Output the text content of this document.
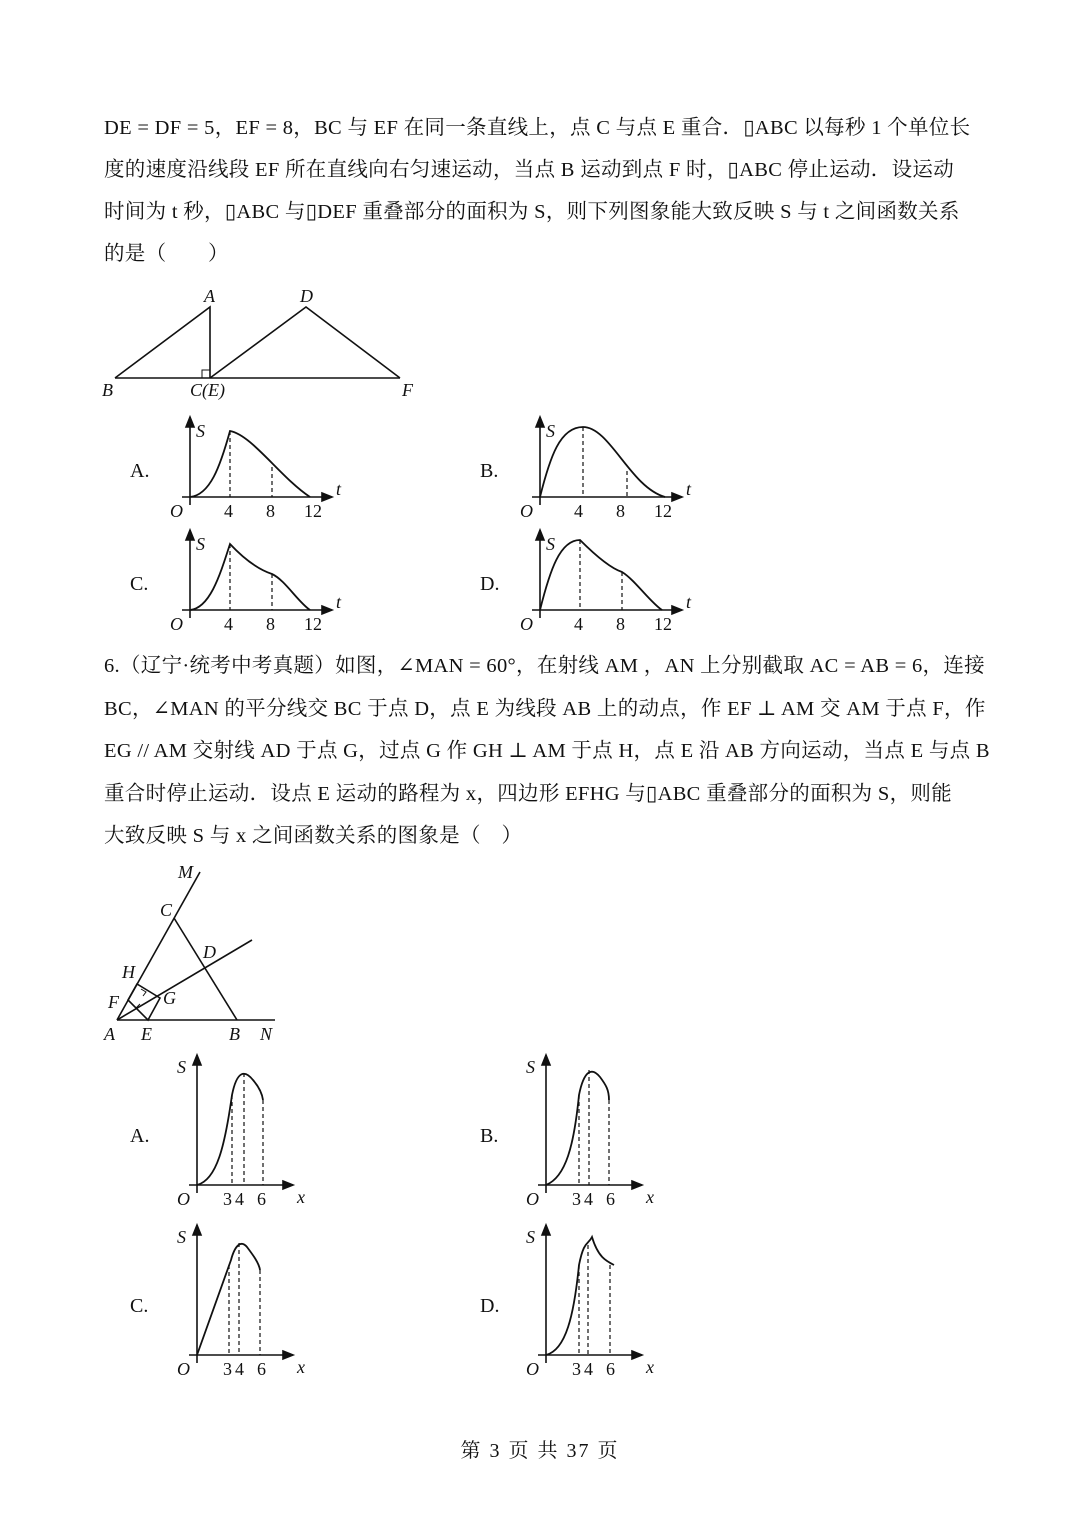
DE = DF = 5，EF = 8，BC 与 EF 在同一条直线上，点 C 与点 E 重合．▯ABC 以每秒 1 个单位长
度的速度沿线段 EF 所在直线向右匀速运动，当点 B 运动到点 F 时，▯ABC 停止运动．设运动
时间为 t 秒，▯ABC 与▯DEF 重叠部分的面积为 S，则下列图象能大致反映 S 与 t 之间函数关系
的是（　　）
A.	B.
C.	D.
6.（辽宁·统考中考真题）如图，∠MAN = 60°，在射线 AM ，AN 上分别截取 AC = AB = 6，连接
BC，∠MAN 的平分线交 BC 于点 D，点 E 为线段 AB 上的动点，作 EF ⊥ AM 交 AM 于点 F，作
EG // AM 交射线 AD 于点 G，过点 G 作 GH ⊥ AM 于点 H，点 E 沿 AB 方向运动，当点 E 与点 B
重合时停止运动．设点 E 运动的路程为 x，四边形 EFHG 与▯ABC 重叠部分的面积为 S，则能
大致反映 S 与 x 之间函数关系的图象是（　）
A.	B.
C.	D.
A
B	C(E)
D
F
M
C
D
H
F G
A E	B N
S
O
t
4 8 12
S
O
t
4 8 12
S
O
t
4 8 12
S
O
t
4 8 12
S
O	x
3 4 6
S
O	x
3 4 6
S
O	x
3 4 6
S
O	x
3 4 6
第 3 页 共 37 页
